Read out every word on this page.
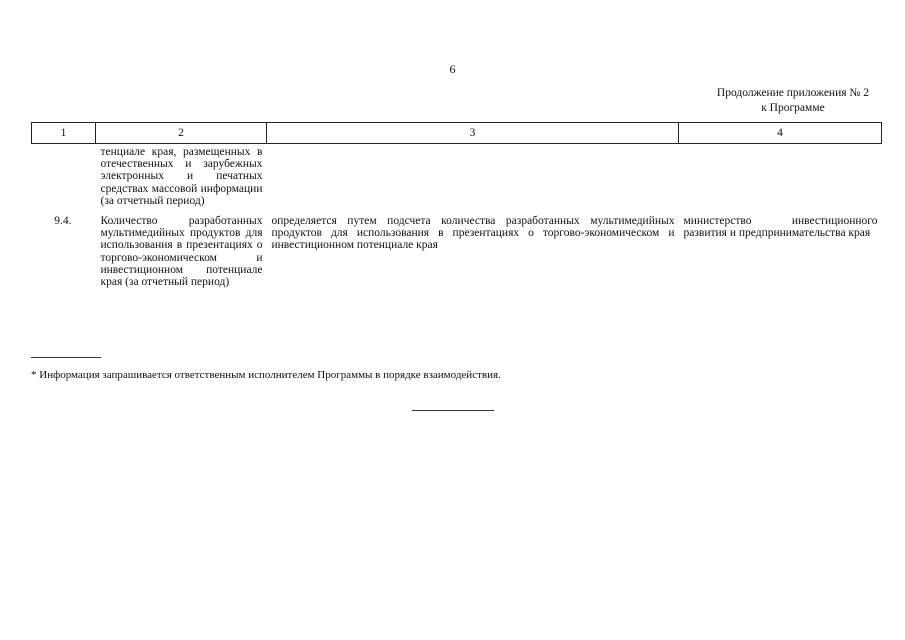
6
Продолжение приложения № 2
к Программе
1	2	3	4
	тенциале края, размещенных в отечественных и зарубежных электронных и печатных средствах массовой информации (за отчетный период)		
9.4.	Количество разработанных мультимедийных продуктов для использования в презентациях о торгово-экономическом и инвестиционном потенциале края (за отчетный период)	определяется путем подсчета количества разработанных мультимедийных продуктов для использования в презентациях о торгово-экономическом и инвестиционном потенциале края	министерство инвестиционного развития и предпринимательства края
* Информация запрашивается ответственным исполнителем Программы в порядке взаимодействия.
